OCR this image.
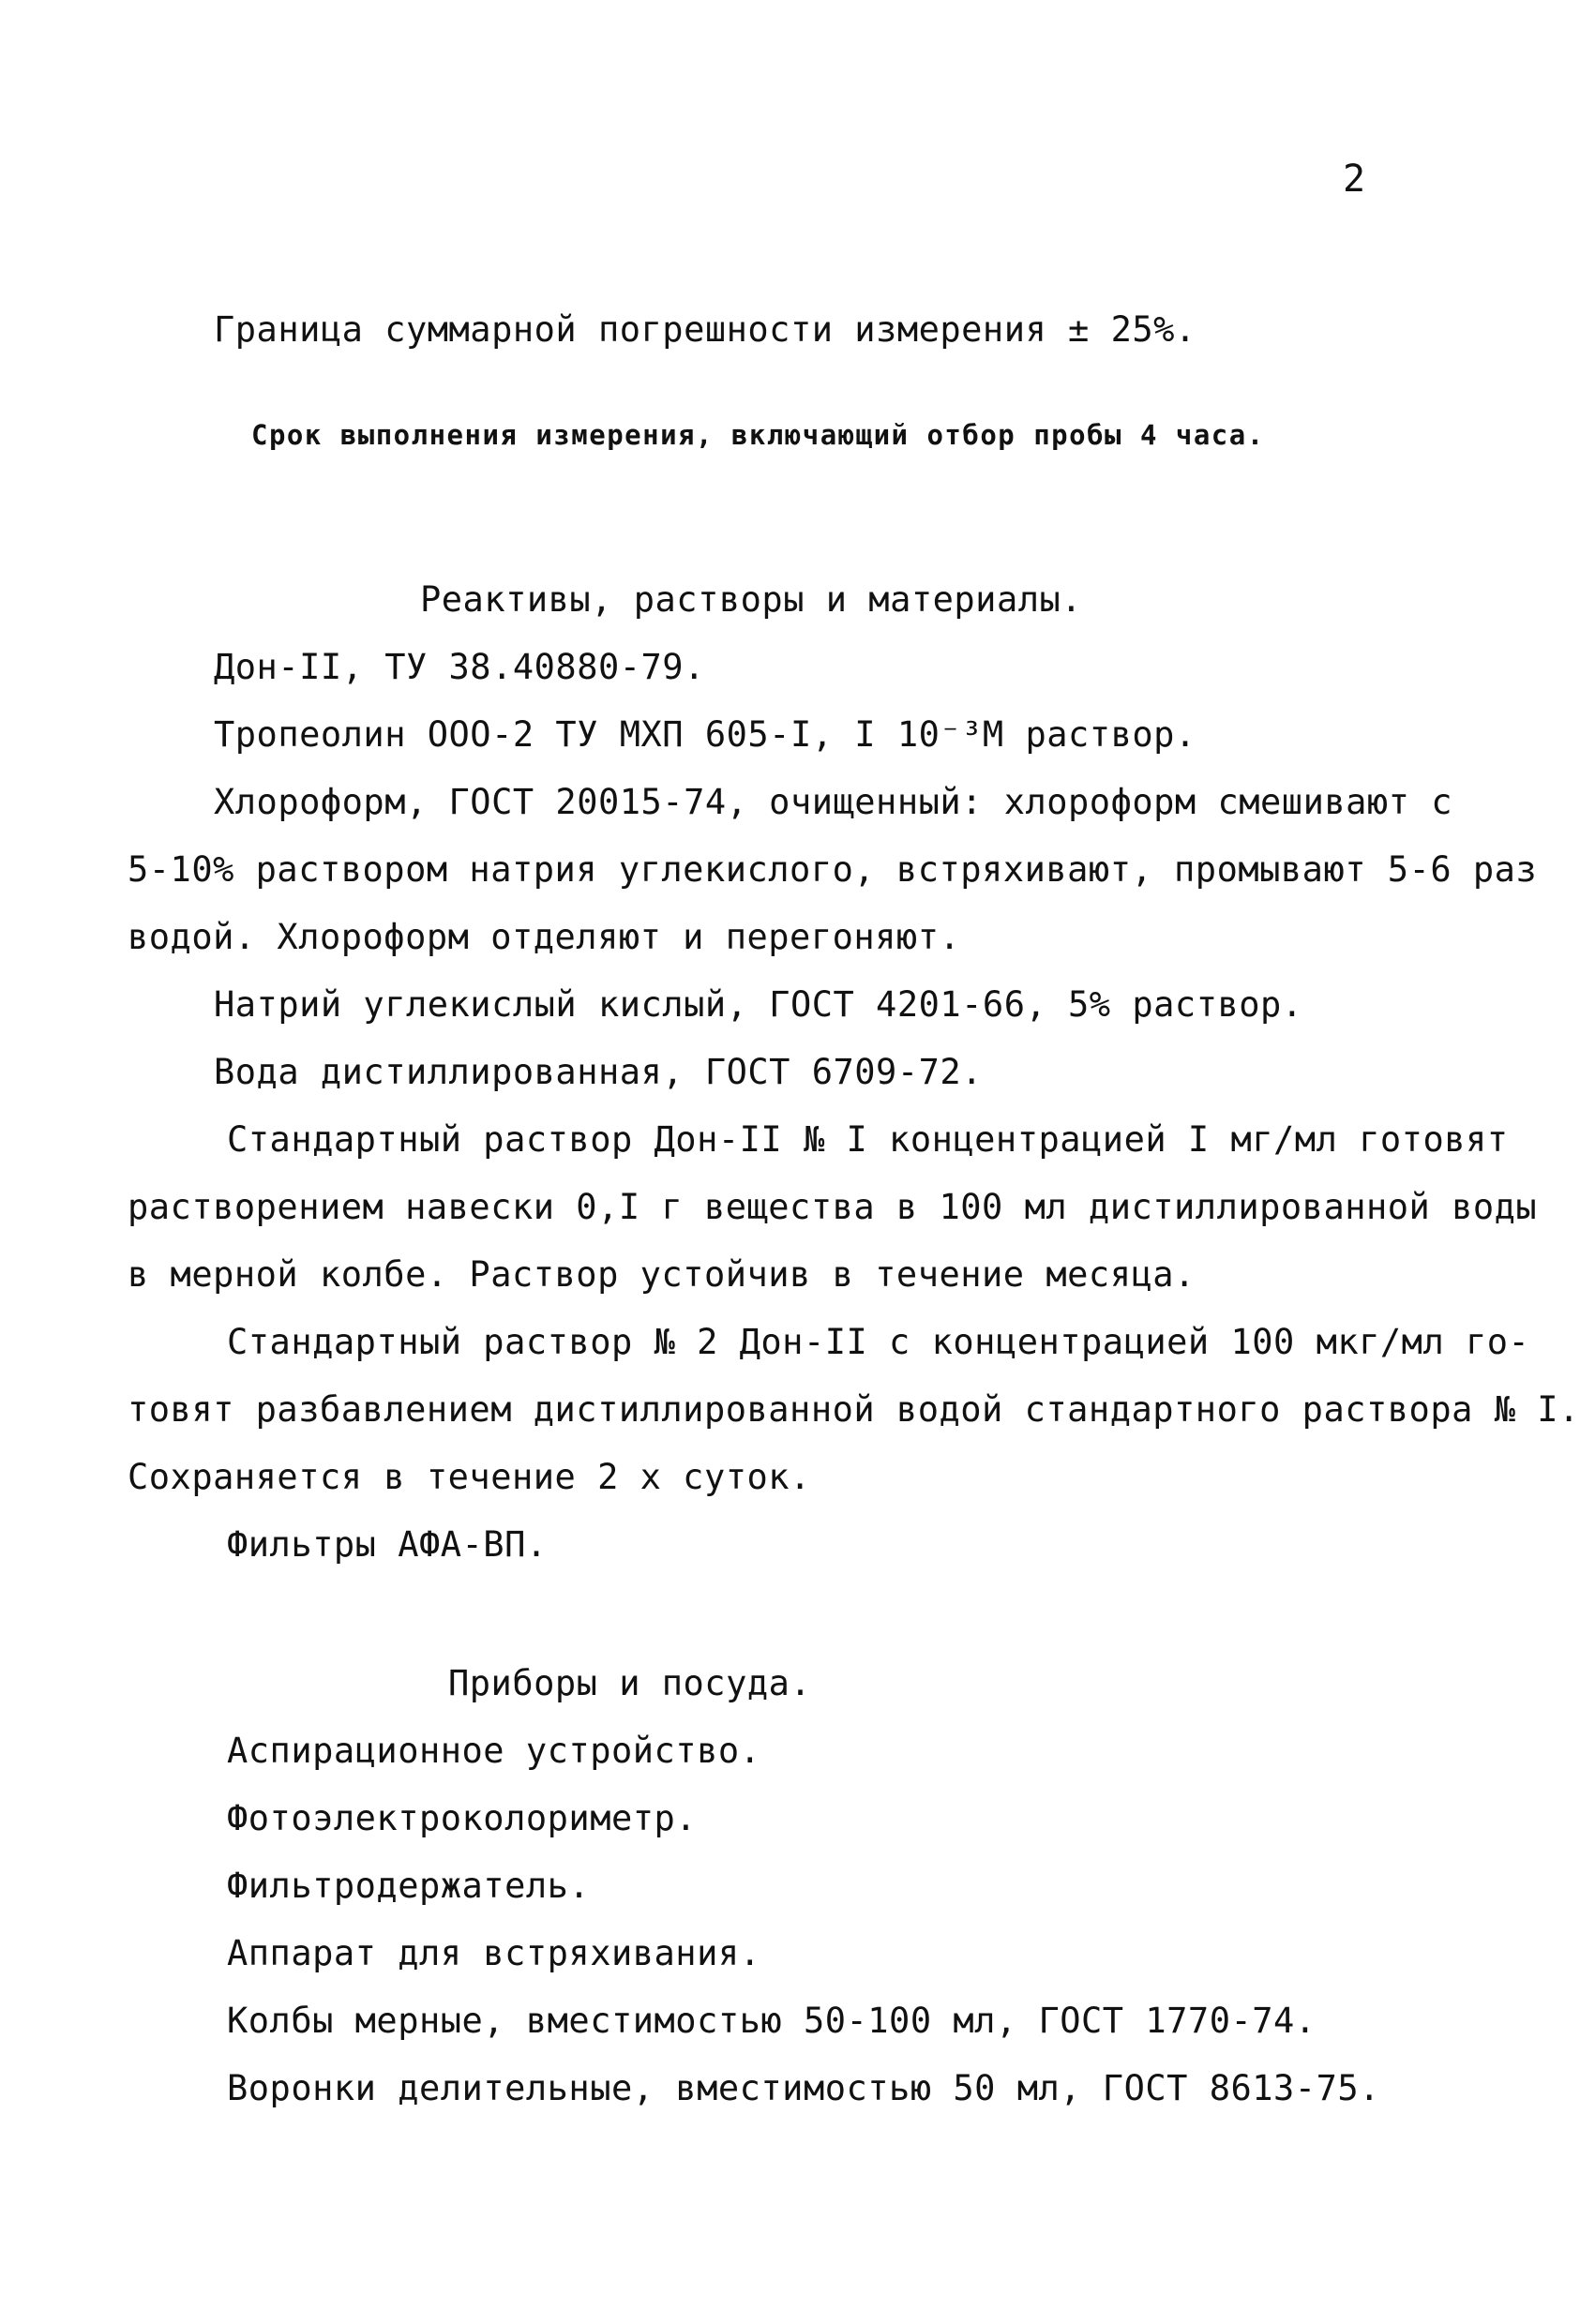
2
Граница суммарной погрешности измерения ± 25%.
Срок выполнения измерения, включающий отбор пробы 4 часа.
Реактивы, растворы и материалы.
Дон-II, ТУ 38.40880-79.
Тропеолин ООО-2 ТУ МХП 605-I, I 10⁻³М раствор.
Хлороформ, ГОСТ 20015-74, очищенный: хлороформ смешивают с
5-10% раствором натрия углекислого, встряхивают, промывают 5-6 раз
водой. Хлороформ отделяют и перегоняют.
Натрий углекислый кислый, ГОСТ 4201-66, 5% раствор.
Вода дистиллированная, ГОСТ 6709-72.
Стандартный раствор Дон-II № I концентрацией I мг/мл готовят
растворением навески 0,I г вещества в 100 мл дистиллированной воды
в мерной колбе. Раствор устойчив в течение месяца.
Стандартный раствор № 2 Дон-II с концентрацией 100 мкг/мл го-
товят разбавлением дистиллированной водой стандартного раствора № I.
Сохраняется в течение 2 х суток.
Фильтры АФА-ВП.
Приборы и посуда.
Аспирационное устройство.
Фотоэлектроколориметр.
Фильтродержатель.
Аппарат для встряхивания.
Колбы мерные, вместимостью 50-100 мл, ГОСТ 1770-74.
Воронки делительные, вместимостью 50 мл, ГОСТ 8613-75.
